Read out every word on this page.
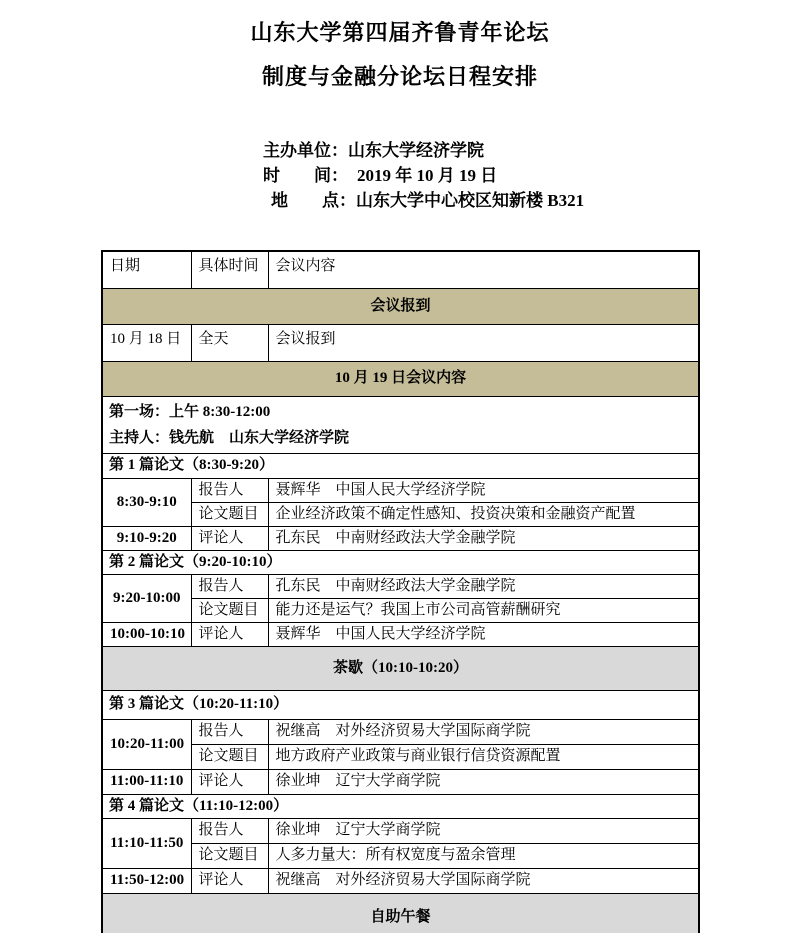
山东大学第四届齐鲁青年论坛
制度与金融分论坛日程安排
主办单位：山东大学经济学院
时　　间： 2019 年 10 月 19 日
地　　点：山东大学中心校区知新楼 B321
日期	具体时间	会议内容
会议报到		
10 月 18 日	全天	会议报到
10 月 19 日会议内容		

第一场：上午 8:30-12:00
主持人：钱先航　山东大学经济学院		

第 1 篇论文（8:30-9:20）		
8:30-9:10	报告人	聂辉华　中国人民大学经济学院
	论文题目	企业经济政策不确定性感知、投资决策和金融资产配置
9:10-9:20	评论人	孔东民　中南财经政法大学金融学院
第 2 篇论文（9:20-10:10）		
9:20-10:00	报告人	孔东民　中南财经政法大学金融学院
	论文题目	能力还是运气？我国上市公司高管薪酬研究
10:00-10:10	评论人	聂辉华　中国人民大学经济学院
茶歇（10:10-10:20）		
第 3 篇论文（10:20-11:10）		
10:20-11:00	报告人	祝继高　对外经济贸易大学国际商学院
	论文题目	地方政府产业政策与商业银行信贷资源配置
11:00-11:10	评论人	徐业坤　辽宁大学商学院
第 4 篇论文（11:10-12:00）		
11:10-11:50	报告人	徐业坤　辽宁大学商学院
	论文题目	人多力量大：所有权宽度与盈余管理
11:50-12:00	评论人	祝继高　对外经济贸易大学国际商学院
自助午餐		
